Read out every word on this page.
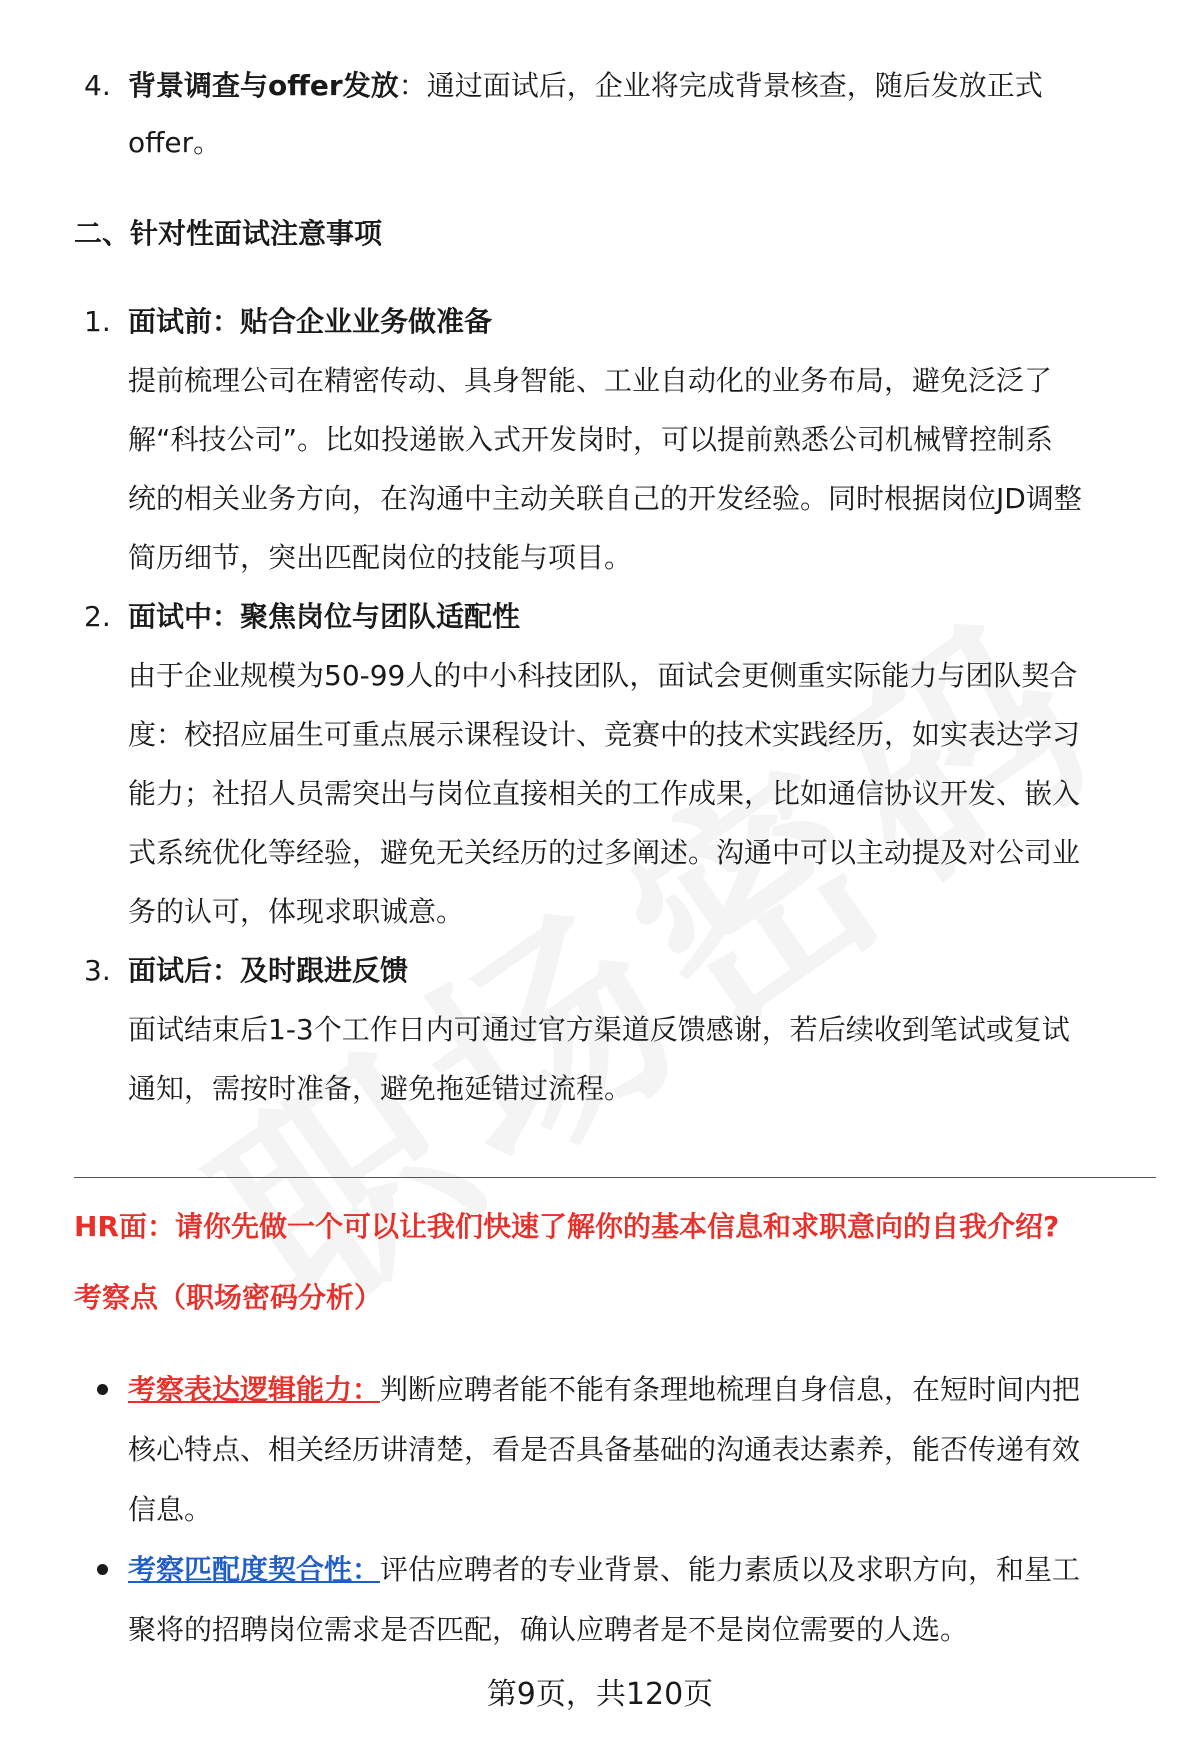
4. 背景调查与offer发放：通过面试后，企业将完成背景核查，随后发放正式
offer。
二、针对性面试注意事项
1. 面试前：贴合企业业务做准备
提前梳理公司在精密传动、具身智能、工业自动化的业务布局，避免泛泛了
解“科技公司”。比如投递嵌入式开发岗时，可以提前熟悉公司机械臂控制系
统的相关业务方向，在沟通中主动关联自己的开发经验。同时根据岗位JD调整
简历细节，突出匹配岗位的技能与项目。
2. 面试中：聚焦岗位与团队适配性
由于企业规模为50-99人的中小科技团队，面试会更侧重实际能力与团队契合
度：校招应届生可重点展示课程设计、竞赛中的技术实践经历，如实表达学习
能力；社招人员需突出与岗位直接相关的工作成果，比如通信协议开发、嵌入
式系统优化等经验，避免无关经历的过多阐述。沟通中可以主动提及对公司业
务的认可，体现求职诚意。
3. 面试后：及时跟进反馈
面试结束后1-3个工作日内可通过官方渠道反馈感谢，若后续收到笔试或复试
通知，需按时准备，避免拖延错过流程。
HR面：请你先做一个可以让我们快速了解你的基本信息和求职意向的自我介绍?
考察点（职场密码分析）
考察表达逻辑能力：判断应聘者能不能有条理地梳理自身信息，在短时间内把
核心特点、相关经历讲清楚，看是否具备基础的沟通表达素养，能否传递有效
信息。
考察匹配度契合性：评估应聘者的专业背景、能力素质以及求职方向，和星工
聚将的招聘岗位需求是否匹配，确认应聘者是不是岗位需要的人选。
第9页，共120页
